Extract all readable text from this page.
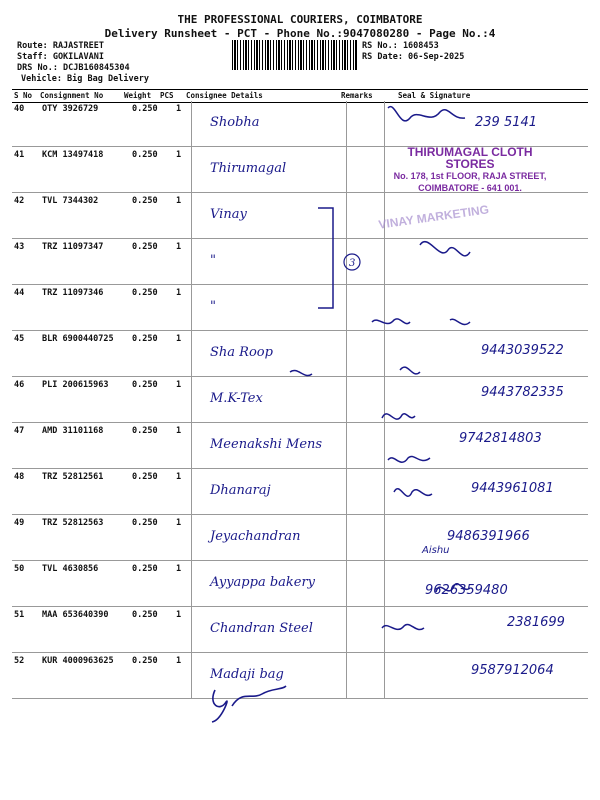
THE PROFESSIONAL COURIERS, COIMBATORE
Delivery Runsheet - PCT - Phone No.:9047080280 - Page No.:4
Route: RAJASTREET
Staff: GOKILAVANI
DRS No.: DCJB160845304
Vehicle: Big Bag Delivery
RS No.: 1608453
RS Date: 06-Sep-2025
S No Consignment No	Weight PCS Consignee Details	Remarks	Seal & Signature
40	OTY 3926729	0.250	1	Shobha		239 5141

41	KCM 13497418	0.250	1	Thirumagal		

42	TVL 7344302	0.250	1	Vinay		

43	TRZ 11097347	0.250	1	"		

44	TRZ 11097346	0.250	1	"		

45	BLR 6900440725	0.250	1	Sha Roop		9443039522

46	PLI 200615963	0.250	1	M.K-Tex		9443782335

47	AMD 31101168	0.250	1	Meenakshi Mens		9742814803

48	TRZ 52812561	0.250	1	Dhanaraj		9443961081

49	TRZ 52812563	0.250	1	Jeyachandran		9486391966

50	TVL 4630856	0.250	1	Ayyappa bakery		9626359480

51	MAA 653640390	0.250	1	Chandran Steel		2381699

52	KUR 4000963625	0.250	1	Madaji bag		9587912064
THIRUMAGAL CLOTH STORES
No. 178, 1st FLOOR, RAJA STREET,
COIMBATORE - 641 001.
VINAY MARKETING
Aishu
3
